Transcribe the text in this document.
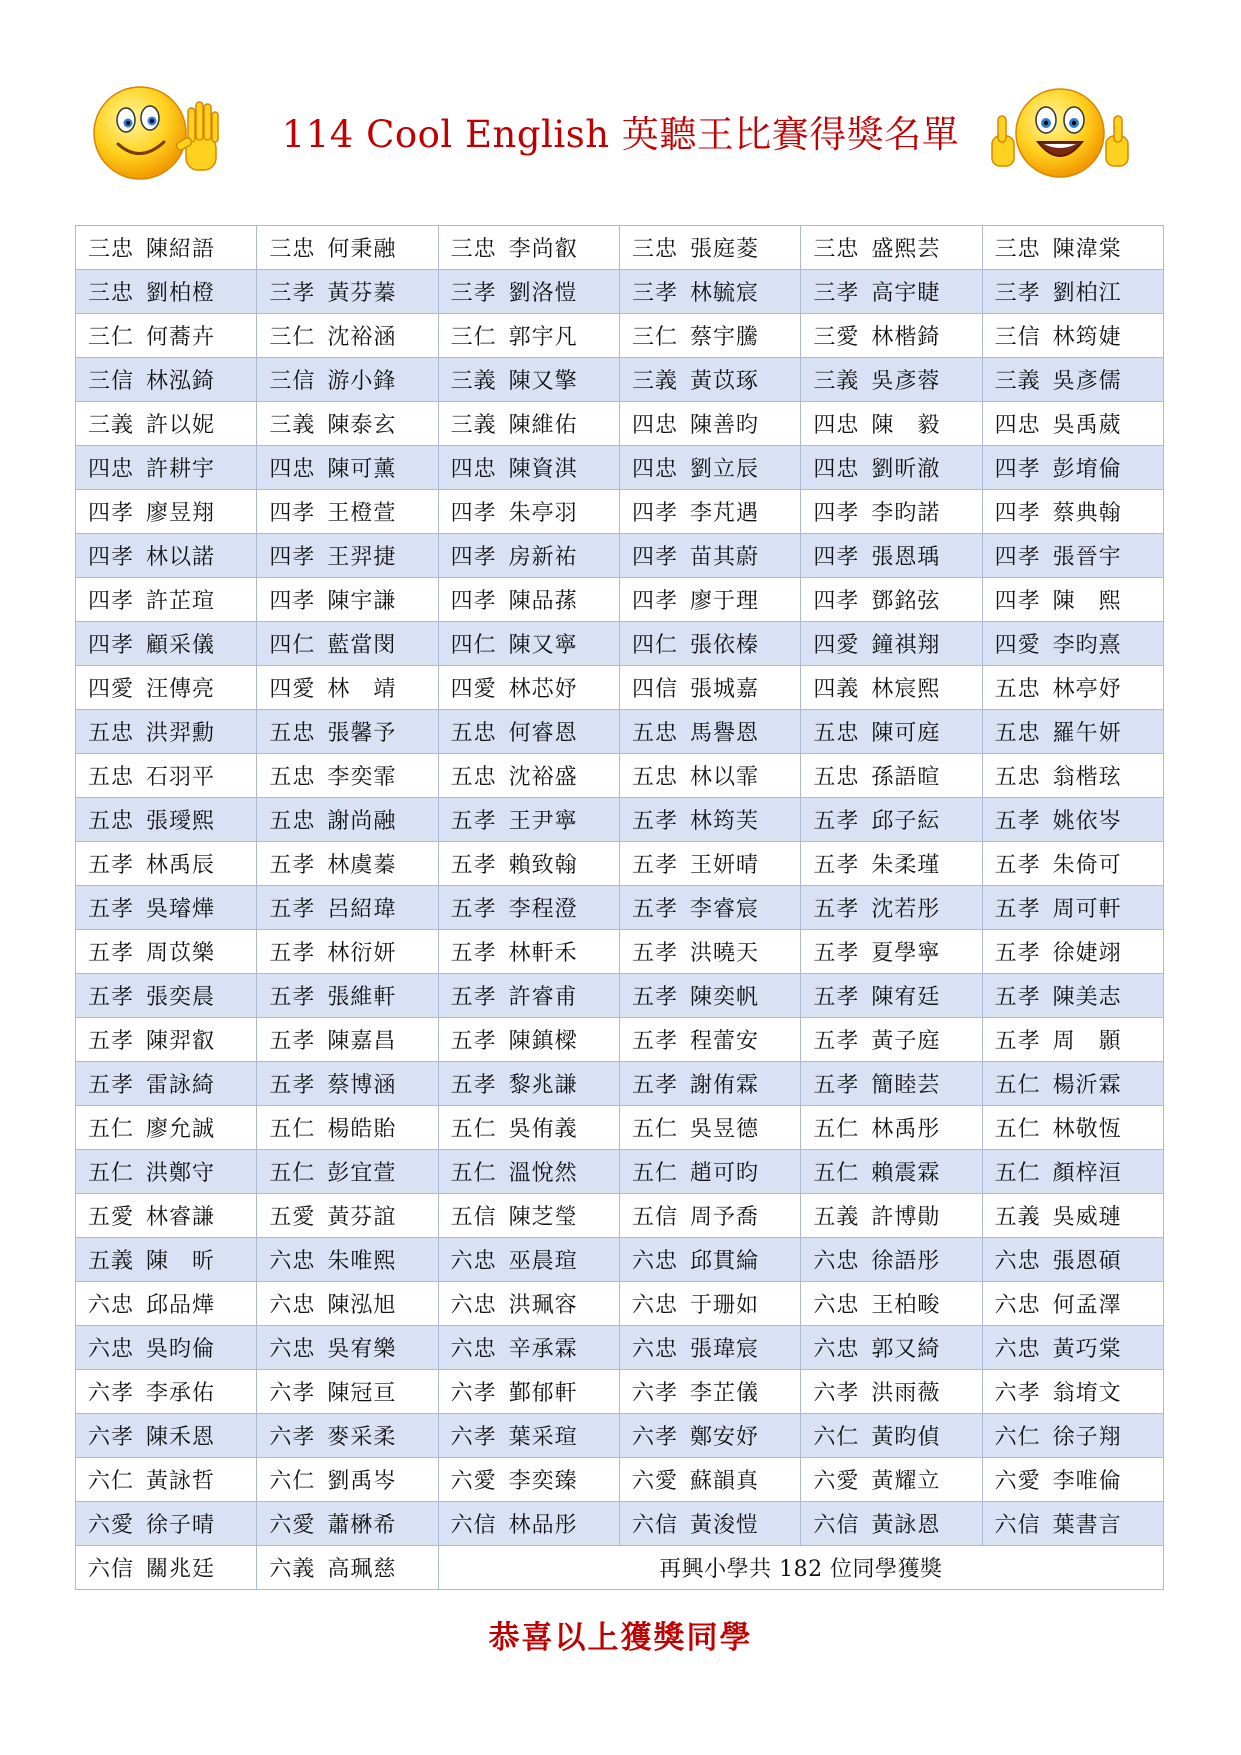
114 Cool English 英聽王比賽得獎名單
三忠 陳紹語	三忠 何秉融	三忠 李尚叡	三忠 張庭菱	三忠 盛熙芸	三忠 陳湋棠
三忠 劉柏橙	三孝 黃芬蓁	三孝 劉洛愷	三孝 林毓宸	三孝 高宇睫	三孝 劉柏江
三仁 何蕎卉	三仁 沈裕涵	三仁 郭宇凡	三仁 蔡宇騰	三愛 林楷錡	三信 林筠婕
三信 林泓錡	三信 游小鋒	三義 陳又擎	三義 黃苡琢	三義 吳彥蓉	三義 吳彥儒
三義 許以妮	三義 陳泰玄	三義 陳維佑	四忠 陳善昀	四忠 陳　毅	四忠 吳禹葳
四忠 許耕宇	四忠 陳可薰	四忠 陳資淇	四忠 劉立辰	四忠 劉昕澈	四孝 彭堉倫
四孝 廖昱翔	四孝 王橙萱	四孝 朱亭羽	四孝 李芃遇	四孝 李昀諾	四孝 蔡典翰
四孝 林以諾	四孝 王羿捷	四孝 房新祐	四孝 苗其蔚	四孝 張恩瑀	四孝 張晉宇
四孝 許芷瑄	四孝 陳宇謙	四孝 陳品蓀	四孝 廖于理	四孝 鄧銘弦	四孝 陳　熙
四孝 顧采儀	四仁 藍當閔	四仁 陳又寧	四仁 張依榛	四愛 鐘祺翔	四愛 李昀熹
四愛 汪傳亮	四愛 林　靖	四愛 林芯妤	四信 張城嘉	四義 林宸熙	五忠 林亭妤
五忠 洪羿勳	五忠 張馨予	五忠 何睿恩	五忠 馬譽恩	五忠 陳可庭	五忠 羅午妍
五忠 石羽平	五忠 李奕霏	五忠 沈裕盛	五忠 林以霏	五忠 孫語暄	五忠 翁楷玹
五忠 張璦熙	五忠 謝尚融	五孝 王尹寧	五孝 林筠芙	五孝 邱子紜	五孝 姚依岑
五孝 林禹辰	五孝 林虞蓁	五孝 賴致翰	五孝 王妍晴	五孝 朱柔瑾	五孝 朱倚可
五孝 吳璿燁	五孝 呂紹瑋	五孝 李程澄	五孝 李睿宸	五孝 沈若彤	五孝 周可軒
五孝 周苡樂	五孝 林衍妍	五孝 林軒禾	五孝 洪曉天	五孝 夏學寧	五孝 徐婕翊
五孝 張奕晨	五孝 張維軒	五孝 許睿甫	五孝 陳奕帆	五孝 陳宥廷	五孝 陳美志
五孝 陳羿叡	五孝 陳嘉昌	五孝 陳鎮樑	五孝 程蕾安	五孝 黃子庭	五孝 周　顥
五孝 雷詠綺	五孝 蔡博涵	五孝 黎兆謙	五孝 謝侑霖	五孝 簡睦芸	五仁 楊沂霖
五仁 廖允誠	五仁 楊皓貽	五仁 吳侑義	五仁 吳昱德	五仁 林禹彤	五仁 林敬恆
五仁 洪鄭守	五仁 彭宜萱	五仁 溫悅然	五仁 趙可昀	五仁 賴震霖	五仁 顏梓洹
五愛 林睿謙	五愛 黃芬誼	五信 陳芝瑩	五信 周予喬	五義 許博勛	五義 吳威璉
五義 陳　昕	六忠 朱唯熙	六忠 巫晨瑄	六忠 邱貫綸	六忠 徐語彤	六忠 張恩碩
六忠 邱品燁	六忠 陳泓旭	六忠 洪珮容	六忠 于珊如	六忠 王柏畯	六忠 何孟澤
六忠 吳昀倫	六忠 吳宥樂	六忠 辛承霖	六忠 張瑋宸	六忠 郭又綺	六忠 黃巧棠
六孝 李承佑	六孝 陳冠亘	六孝 鄞郁軒	六孝 李芷儀	六孝 洪雨薇	六孝 翁堉文
六孝 陳禾恩	六孝 麥采柔	六孝 葉采瑄	六孝 鄭安妤	六仁 黃昀偵	六仁 徐子翔
六仁 黃詠哲	六仁 劉禹岑	六愛 李奕臻	六愛 蘇韻真	六愛 黃耀立	六愛 李唯倫
六愛 徐子晴	六愛 蕭楙希	六信 林品彤	六信 黃浚愷	六信 黃詠恩	六信 葉書言
六信 關兆廷	六義 高珮慈	再興小學共 182 位同學獲獎			
恭喜以上獲獎同學
